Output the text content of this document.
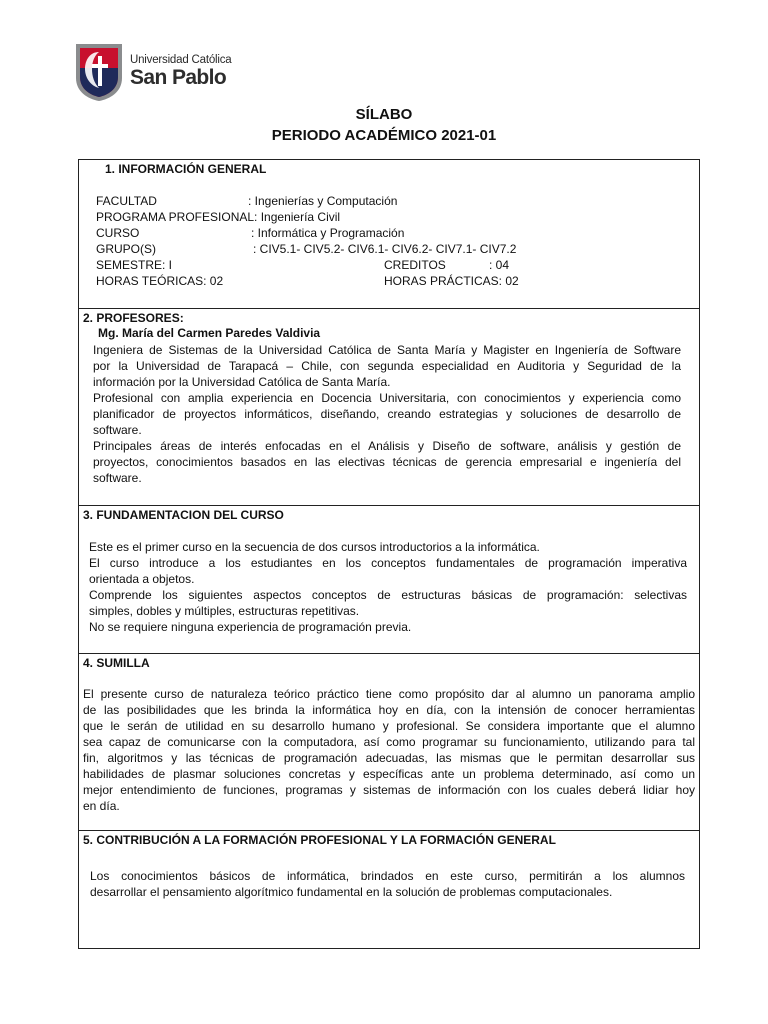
Universidad Católica
San Pablo
SÍLABO
PERIODO ACADÉMICO 2021-01
1. INFORMACIÓN GENERAL
FACULTAD	: Ingenierías y Computación
PROGRAMA PROFESIONAL: Ingeniería Civil
CURSO	: Informática y Programación
GRUPO(S)	: CIV5.1- CIV5.2- CIV6.1- CIV6.2- CIV7.1- CIV7.2
SEMESTRE: I	CREDITOS	: 04
HORAS TEÓRICAS: 02	HORAS PRÁCTICAS: 02
2. PROFESORES:
Mg. María del Carmen Paredes Valdivia
Ingeniera de Sistemas de la Universidad Católica de Santa María y Magister en Ingeniería de Software
por la Universidad de Tarapacá – Chile, con segunda especialidad en Auditoria y Seguridad de la
información por la Universidad Católica de Santa María.
Profesional con amplia experiencia en Docencia Universitaria, con conocimientos y experiencia como
planificador de proyectos informáticos, diseñando, creando estrategias y soluciones de desarrollo de
software.
Principales áreas de interés enfocadas en el Análisis y Diseño de software, análisis y gestión de
proyectos, conocimientos basados en las electivas técnicas de gerencia empresarial e ingeniería del
software.
3. FUNDAMENTACION DEL CURSO
Este es el primer curso en la secuencia de dos cursos introductorios a la informática.
El curso introduce a los estudiantes en los conceptos fundamentales de programación imperativa
orientada a objetos.
Comprende los siguientes aspectos conceptos de estructuras básicas de programación: selectivas
simples, dobles y múltiples, estructuras repetitivas.
No se requiere ninguna experiencia de programación previa.
4. SUMILLA
El presente curso de naturaleza teórico práctico tiene como propósito dar al alumno un panorama amplio
de las posibilidades que les brinda la informática hoy en día, con la intensión de conocer herramientas
que le serán de utilidad en su desarrollo humano y profesional. Se considera importante que el alumno
sea capaz de comunicarse con la computadora, así como programar su funcionamiento, utilizando para tal
fin, algoritmos y las técnicas de programación adecuadas, las mismas que le permitan desarrollar sus
habilidades de plasmar soluciones concretas y específicas ante un problema determinado, así como un
mejor entendimiento de funciones, programas y sistemas de información con los cuales deberá lidiar hoy
en día.
5. CONTRIBUCIÓN A LA FORMACIÓN PROFESIONAL Y LA FORMACIÓN GENERAL
Los conocimientos básicos de informática, brindados en este curso, permitirán a los alumnos
desarrollar el pensamiento algorítmico fundamental en la solución de problemas computacionales.
